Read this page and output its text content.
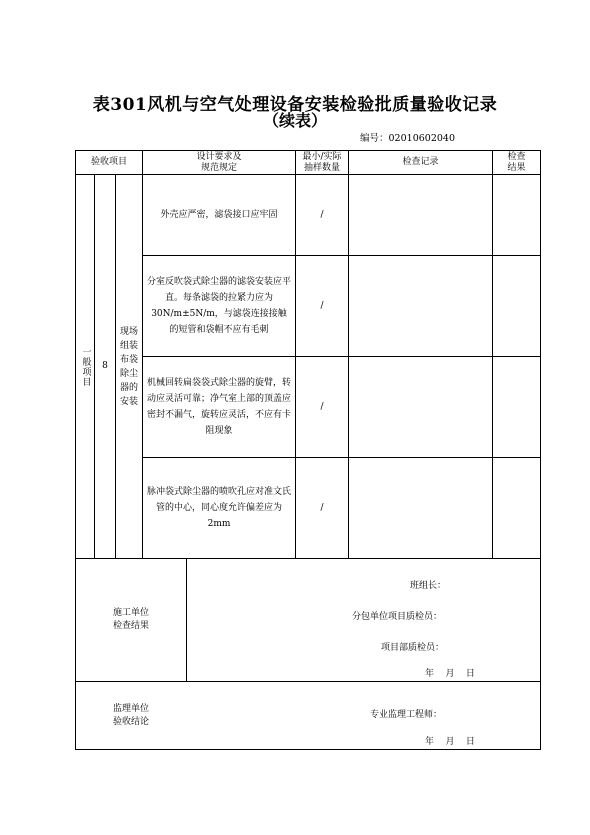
表301风机与空气处理设备安装检验批质量验收记录
（续表）
编号：02010602040
验收项目
设计要求及
规范规定
最小/实际
抽样数量
检查记录
检查
结果
一般项目	8
现场组装布袋除尘器的安装
外壳应严密，滤袋接口应牢固	/
分室反吹袋式除尘器的滤袋安装应平直。每条滤袋的拉紧力应为30N/m±5N/m，与滤袋连接接触的短管和袋帽不应有毛刺
/
机械回转扁袋袋式除尘器的旋臂，转动应灵活可靠；净气室上部的顶盖应密封不漏气，旋转应灵活，不应有卡阻现象
/
脉冲袋式除尘器的喷吹孔应对准文氏管的中心，同心度允许偏差应为2mm
/
施工单位
检查结果
班组长：
分包单位项目质检员：
项目部质检员：
年    月    日
监理单位
验收结论
专业监理工程师：
年    月    日
